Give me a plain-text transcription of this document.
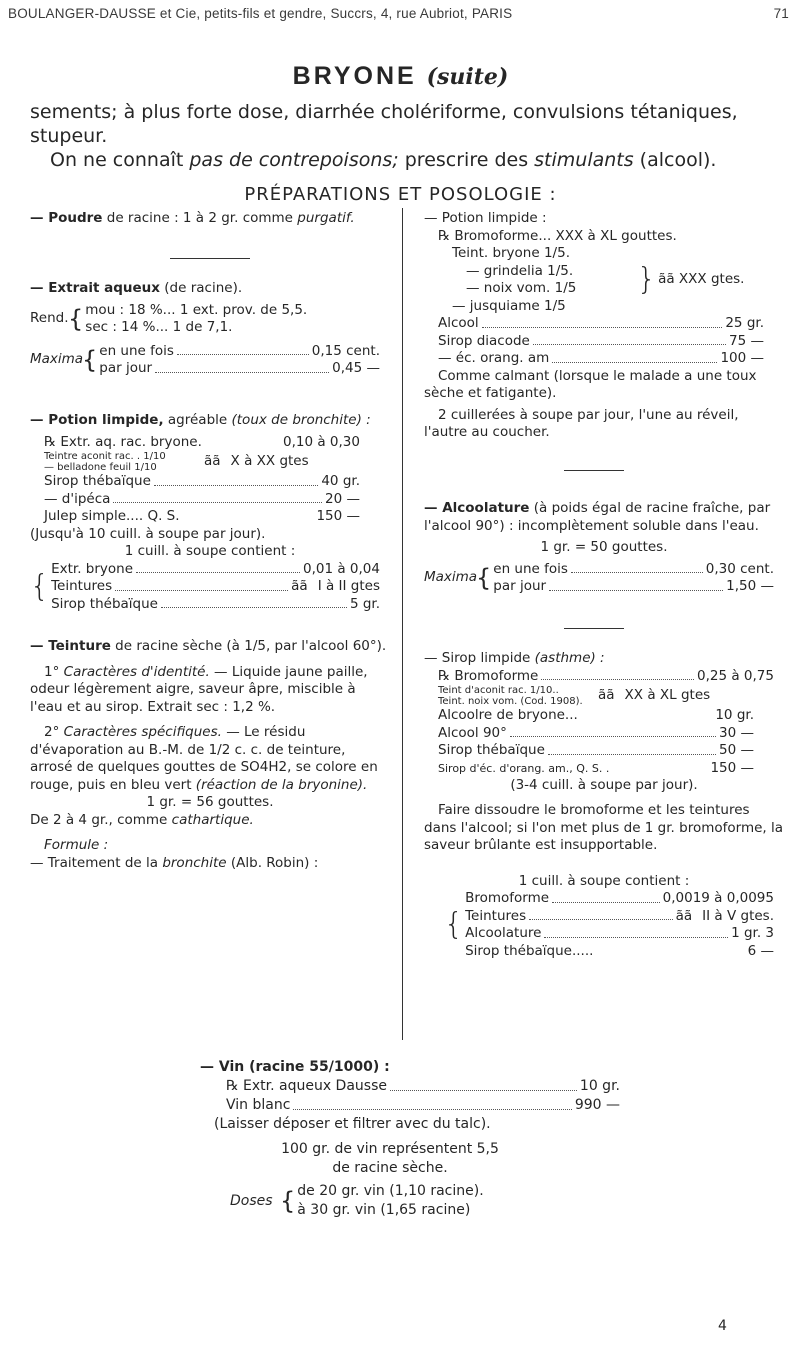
BOULANGER-DAUSSE et Cie, petits-fils et gendre, Succrs, 4, rue Aubriot, PARIS	71
BRYONE (suite)

sements; à plus forte dose, diarrhée cholériforme, convulsions tétaniques, stupeur.

On ne connaît pas de contrepoisons; prescrire des stimulants (alcool).

PRÉPARATIONS ET POSOLOGIE :

— Poudre de racine : 1 à 2 gr. comme purgatif.

— Extrait aqueux (de racine).

Rend. { mou : 18 %... 1 ext. prov. de 5,5.
sec : 14 %... 1 de 7,1.
Maxima
{ en une fois	0,15 cent.
par jour	0,45 —

— Potion limpide, agréable (toux de bronchite) :

℞ Extr. aq. rac. bryone.	0,10 à 0,30
Teintre aconit rac. . 1/10
— belladone feuil 1/10	ãã X à XX gtes
Sirop thébaïque	40 gr.
— d'ipéca	20 —
Julep simple.... Q. S.	150 —

(Jusqu'à 10 cuill. à soupe par jour).

1 cuill. à soupe contient :

{
Extr. bryone	0,01 à 0,04
Teintures	ãã I à II gtes
Sirop thébaïque	5 gr.

— Teinture de racine sèche (à 1/5, par l'alcool 60°).

1° Caractères d'identité. — Liquide jaune paille, odeur légèrement aigre, saveur âpre, miscible à l'eau et au sirop. Extrait sec : 1,2 %.

2° Caractères spécifiques. — Le résidu d'évaporation au B.-M. de 1/2 c. c. de teinture, arrosé de quelques gouttes de SO4H2, se colore en rouge, puis en bleu vert (réaction de la bryonine).

1 gr. = 56 gouttes.

De 2 à 4 gr., comme cathartique.

Formule :

— Traitement de la bronchite (Alb. Robin) :

— Potion limpide :

℞ Bromoforme... XXX à XL gouttes.
Teint. bryone 1/5.
— grindelia 1/5.
— noix vom. 1/5
— jusquiame 1/5
} ãã XXX gtes.
Alcool	25 gr.
Sirop diacode	75 —
— éc. orang. am	100 —

Comme calmant (lorsque le malade a une toux sèche et fatigante).

2 cuillerées à soupe par jour, l'une au réveil, l'autre au coucher.

— Alcoolature (à poids égal de racine fraîche, par l'alcool 90°) : incomplètement soluble dans l'eau.

1 gr. = 50 gouttes.

Maxima
{ en une fois	0,30 cent.
par jour	1,50 —

— Sirop limpide (asthme) :

℞ Bromoforme	0,25 à 0,75
Teint d'aconit rac. 1/10..
Teint. noix vom. (Cod. 1908).	ãã XX à XL gtes
Alcoolre de bryone...	10 gr.
Alcool 90°	30 —
Sirop thébaïque	50 —
Sirop d'éc. d'orang. am., Q. S. .	150 —

(3-4 cuill. à soupe par jour).

Faire dissoudre le bromoforme et les teintures dans l'alcool; si l'on met plus de 1 gr. bromoforme, la saveur brûlante est insupportable.

1 cuill. à soupe contient :

{
Bromoforme	0,0019 à 0,0095
Teintures	ãã II à V gtes.
Alcoolature	1 gr. 3
Sirop thébaïque.....	6 —

— Vin (racine 55/1000) :

℞ Extr. aqueux Dausse	10 gr.
Vin blanc	990 —

(Laisser déposer et filtrer avec du talc).

100 gr. de vin représentent 5,5

de racine sèche.

Doses { de 20 gr. vin (1,10 racine).
à 30 gr. vin (1,65 racine)
4
